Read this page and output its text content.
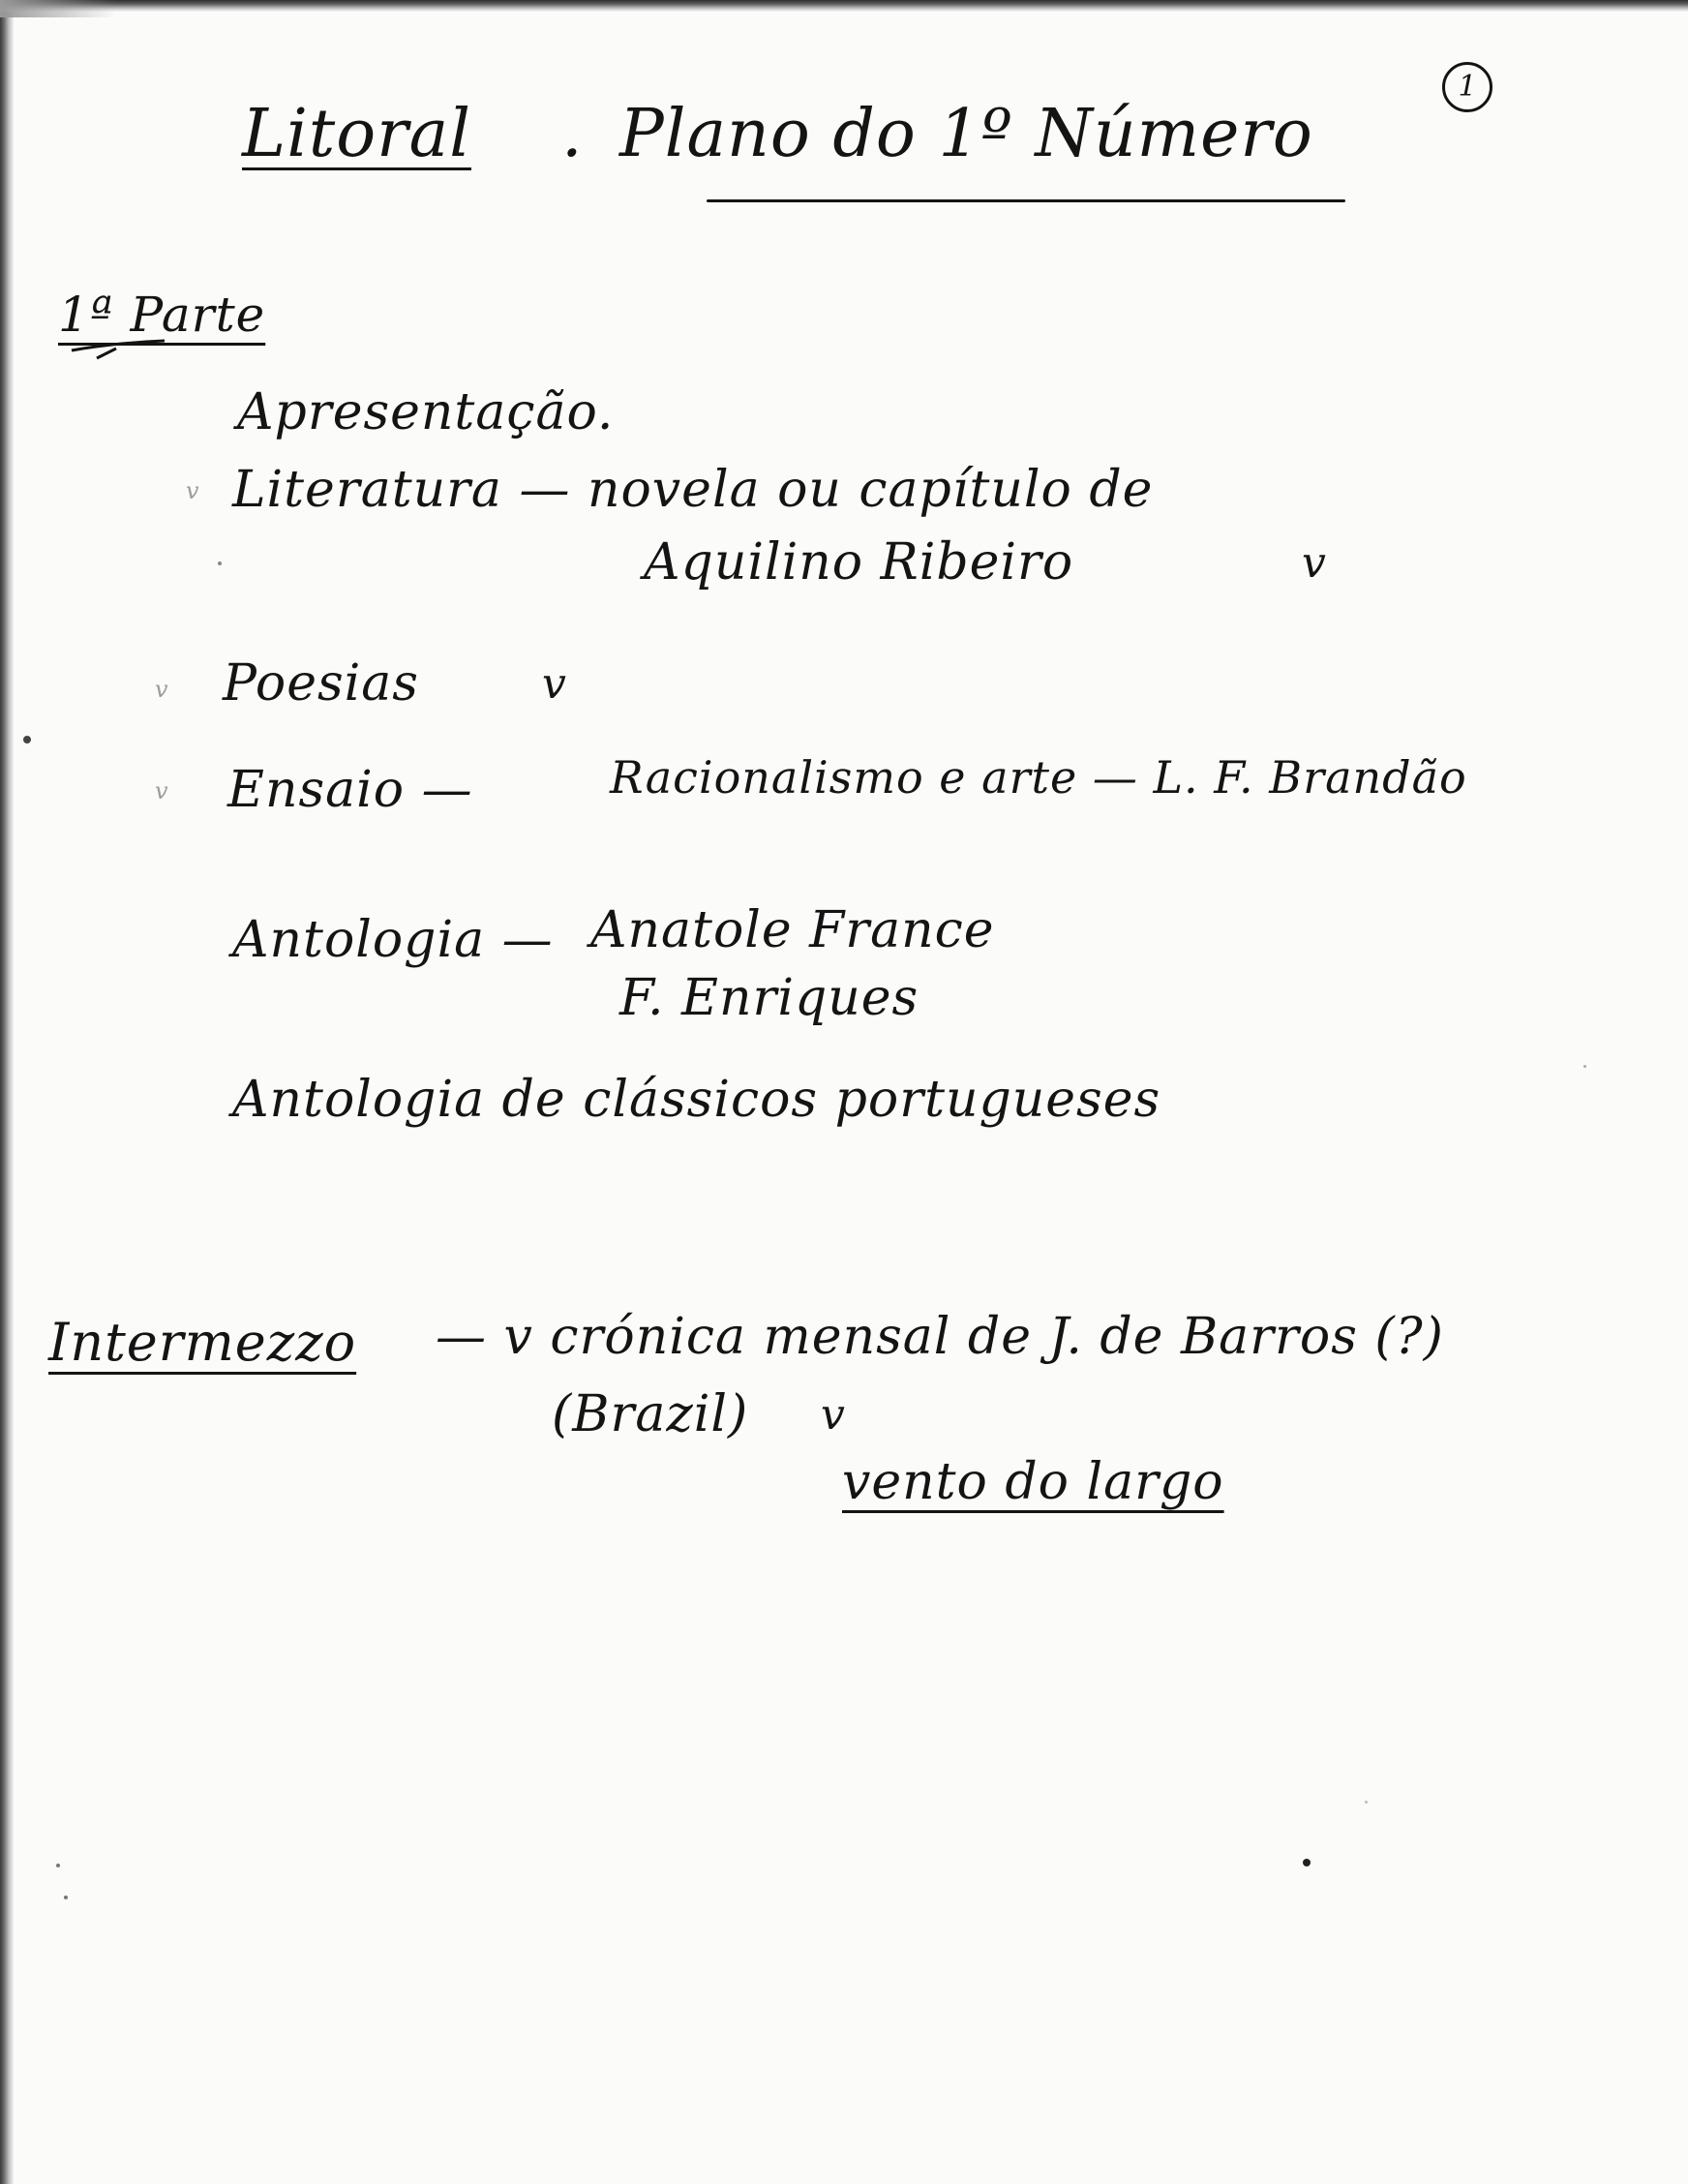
1
Litoral . Plano do 1º Número
1ª Parte
Apresentação.
v Literatura — novela ou capítulo de
Aquilino Ribeiro	v
v Poesias	v
v Ensaio —	Racionalismo e arte — L. F. Brandão
Antologia — Anatole France
F. Enriques
Antologia de clássicos portugueses
Intermezzo — v crónica mensal de J. de Barros (?)
(Brazil) v
vento do largo
